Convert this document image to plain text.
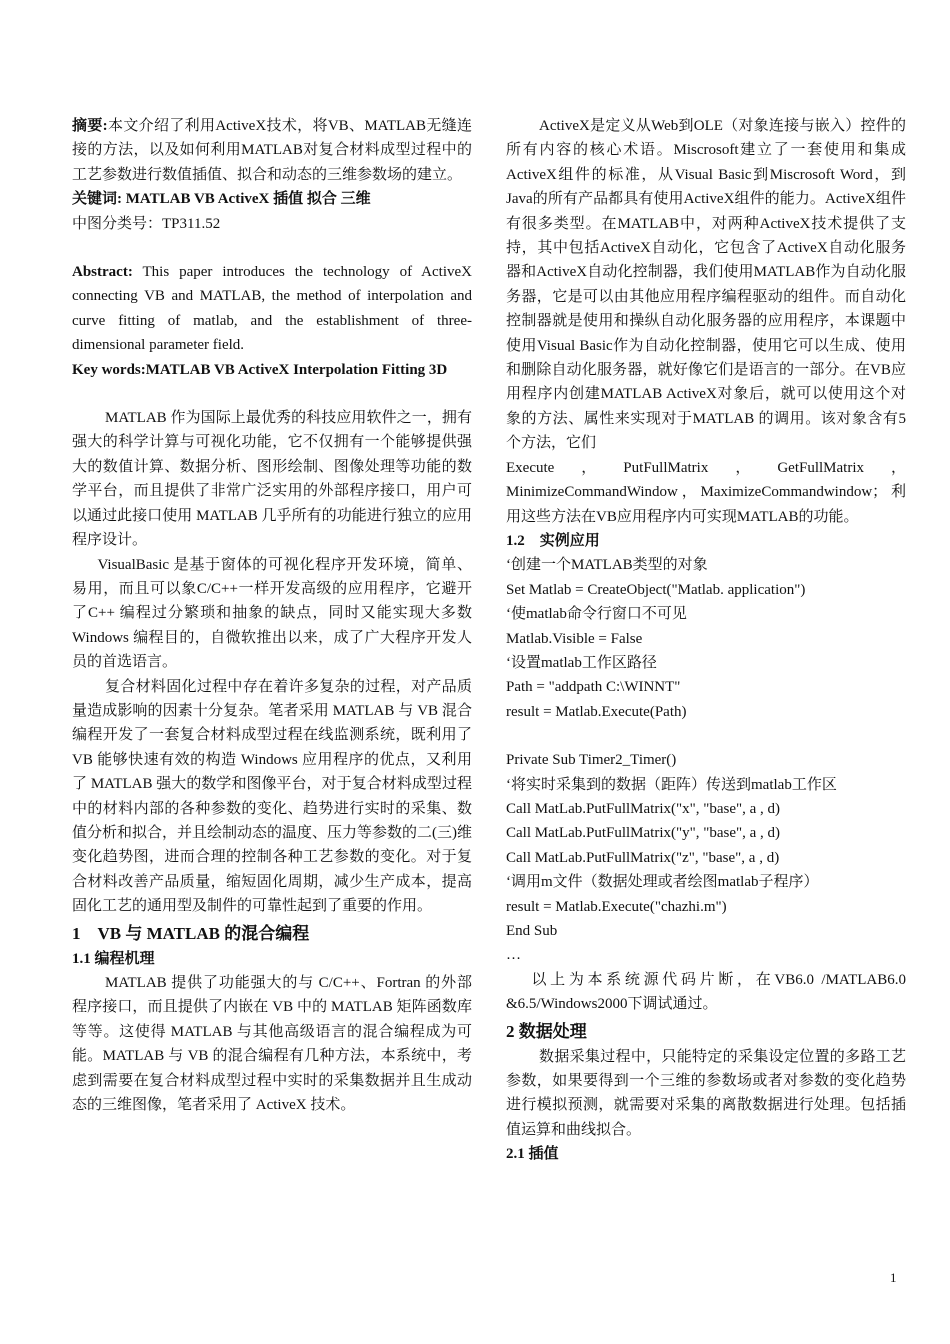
摘要:本文介绍了利用ActiveX技术，将VB、MATLAB无缝连接的方法，以及如何利用MATLAB对复合材料成型过程中的工艺参数进行数值插值、拟合和动态的三维参数场的建立。

关键词: MATLAB VB ActiveX 插值 拟合 三维

中图分类号：TP311.52

Abstract: This paper introduces the technology of ActiveX connecting VB and MATLAB, the method of interpolation and curve fitting of matlab, and the establishment of three-dimensional parameter field.

Key words:MATLAB VB ActiveX Interpolation Fitting 3D

MATLAB 作为国际上最优秀的科技应用软件之一，拥有强大的科学计算与可视化功能，它不仅拥有一个能够提供强大的数值计算、数据分析、图形绘制、图像处理等功能的数学平台，而且提供了非常广泛实用的外部程序接口，用户可以通过此接口使用 MATLAB 几乎所有的功能进行独立的应用程序设计。

VisualBasic 是基于窗体的可视化程序开发环境，简单、易用，而且可以象C/C++一样开发高级的应用程序，它避开了C++ 编程过分繁琐和抽象的缺点，同时又能实现大多数Windows 编程目的，自微软推出以来，成了广大程序开发人员的首选语言。

复合材料固化过程中存在着许多复杂的过程，对产品质量造成影响的因素十分复杂。笔者采用 MATLAB 与 VB 混合编程开发了一套复合材料成型过程在线监测系统，既利用了 VB 能够快速有效的构造 Windows 应用程序的优点，又利用了 MATLAB 强大的数学和图像平台，对于复合材料成型过程中的材料内部的各种参数的变化、趋势进行实时的采集、数值分析和拟合，并且绘制动态的温度、压力等参数的二(三)维变化趋势图，进而合理的控制各种工艺参数的变化。对于复合材料改善产品质量，缩短固化周期，减少生产成本，提高固化工艺的通用型及制件的可靠性起到了重要的作用。

1　VB 与 MATLAB 的混合编程
1.1 编程机理

MATLAB 提供了功能强大的与 C/C++、Fortran 的外部程序接口，而且提供了内嵌在 VB 中的 MATLAB 矩阵函数库等等。这使得 MATLAB 与其他高级语言的混合编程成为可能。MATLAB 与 VB 的混合编程有几种方法，本系统中，考虑到需要在复合材料成型过程中实时的采集数据并且生成动态的三维图像，笔者采用了 ActiveX 技术。

ActiveX是定义从Web到OLE（对象连接与嵌入）控件的所有内容的核心术语。Miscrosoft建立了一套使用和集成ActiveX组件的标准，从Visual Basic到Miscrosoft Word，到Java的所有产品都具有使用ActiveX组件的能力。ActiveX组件有很多类型。在MATLAB中，对两种ActiveX技术提供了支持，其中包括ActiveX自动化，它包含了ActiveX自动化服务器和ActiveX自动化控制器，我们使用MATLAB作为自动化服务器，它是可以由其他应用程序编程驱动的组件。而自动化控制器就是使用和操纵自动化服务器的应用程序，本课题中使用Visual Basic作为自动化控制器，使用它可以生成、使用和删除自动化服务器，就好像它们是语言的一部分。在VB应用程序内创建MATLAB ActiveX对象后，就可以使用这个对象的方法、属性来实现对于MATLAB 的调用。该对象含有5个方法，它们

Execute，PutFullMatrix，GetFullMatrix，MinimizeCommandWindow，MaximizeCommandwindow；利用这些方法在VB应用程序内可实现MATLAB的功能。

1.2　实例应用

‘创建一个MATLAB类型的对象

Set Matlab = CreateObject("Matlab. application")

‘使matlab命令行窗口不可见

Matlab.Visible = False

‘设置matlab工作区路径

Path = "addpath C:\WINNT"

result = Matlab.Execute(Path)

Private Sub Timer2_Timer()

‘将实时采集到的数据（距阵）传送到matlab工作区

Call MatLab.PutFullMatrix("x", "base", a , d)

Call MatLab.PutFullMatrix("y", "base", a , d)

Call MatLab.PutFullMatrix("z", "base", a , d)

‘调用m文件（数据处理或者绘图matlab子程序）

result = Matlab.Execute("chazhi.m")

End Sub

…

以上为本系统源代码片断，在VB6.0 /MATLAB6.0 &6.5/Windows2000下调试通过。

2 数据处理

数据采集过程中，只能特定的采集设定位置的多路工艺参数，如果要得到一个三维的参数场或者对参数的变化趋势进行模拟预测，就需要对采集的离散数据进行处理。包括插值运算和曲线拟合。

2.1 插值
1
